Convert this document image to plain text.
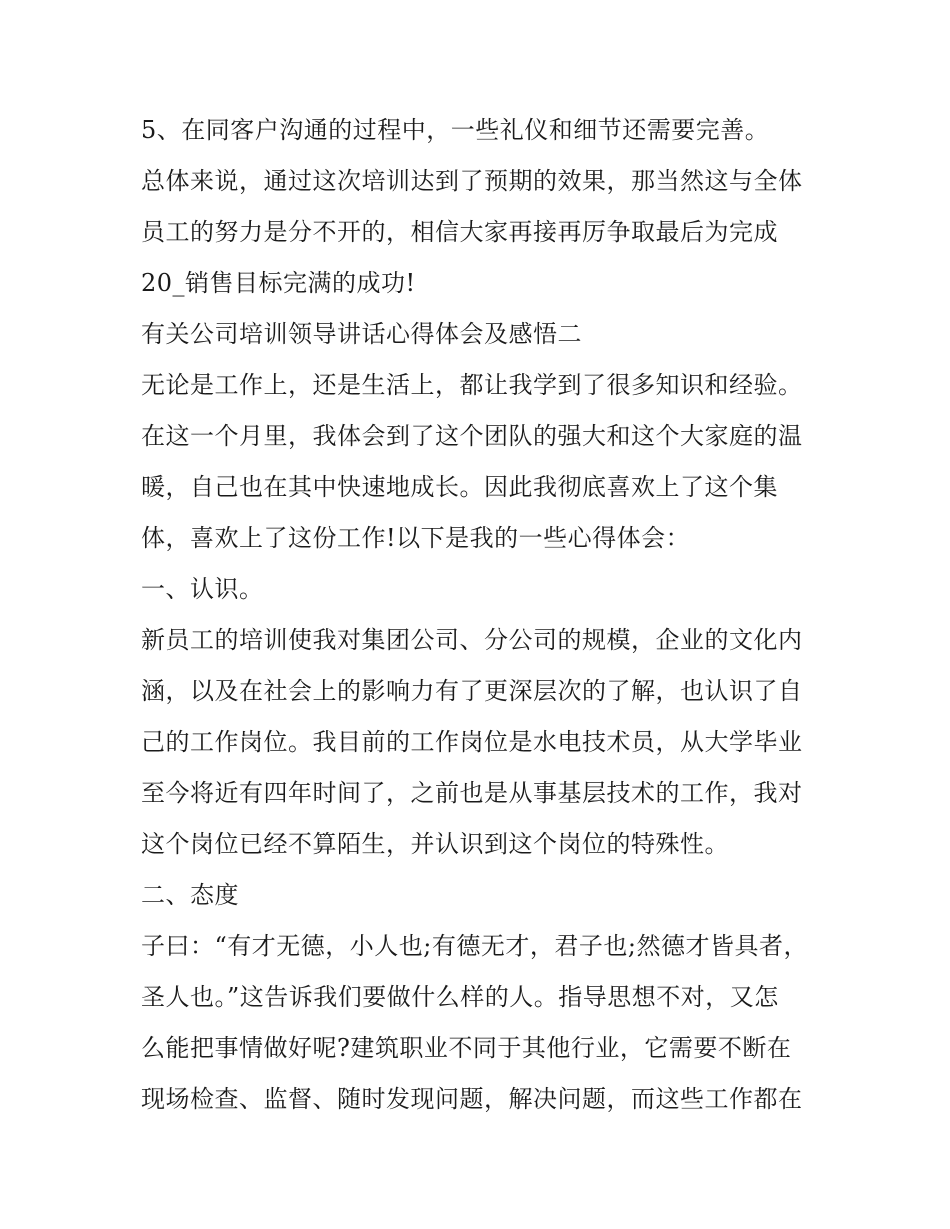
5、在同客户沟通的过程中，一些礼仪和细节还需要完善。
总体来说，通过这次培训达到了预期的效果，那当然这与全体
员工的努力是分不开的，相信大家再接再厉争取最后为完成
20_销售目标完满的成功!
有关公司培训领导讲话心得体会及感悟二
无论是工作上，还是生活上，都让我学到了很多知识和经验。
在这一个月里，我体会到了这个团队的强大和这个大家庭的温
暖，自己也在其中快速地成长。因此我彻底喜欢上了这个集
体，喜欢上了这份工作!以下是我的一些心得体会：
一、认识。
新员工的培训使我对集团公司、分公司的规模，企业的文化内
涵，以及在社会上的影响力有了更深层次的了解，也认识了自
己的工作岗位。我目前的工作岗位是水电技术员，从大学毕业
至今将近有四年时间了，之前也是从事基层技术的工作，我对
这个岗位已经不算陌生，并认识到这个岗位的特殊性。
二、态度
子曰：“有才无德，小人也;有德无才，君子也;然德才皆具者，
圣人也。”这告诉我们要做什么样的人。指导思想不对，又怎
么能把事情做好呢?建筑职业不同于其他行业，它需要不断在
现场检查、监督、随时发现问题，解决问题，而这些工作都在
